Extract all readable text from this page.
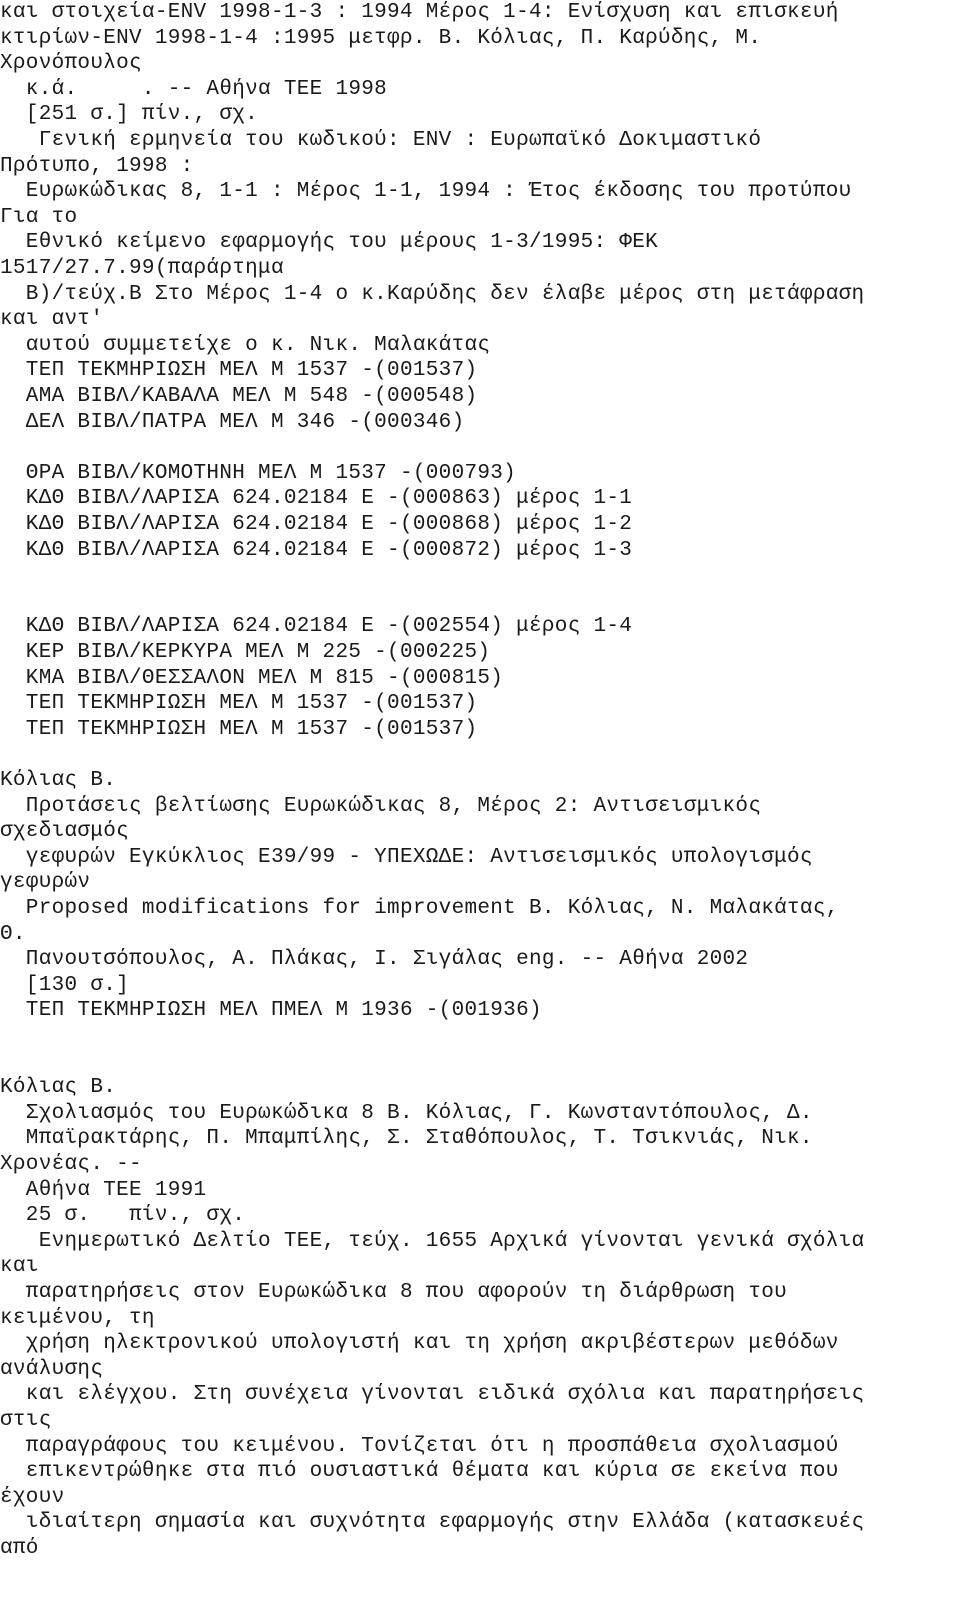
και στοιχεία-ENV 1998-1-3 : 1994 Μέρος 1-4: Ενίσχυση και επισκευή
κτιρίων-ENV 1998-1-4 :1995 μετφρ. Β. Κόλιας, Π. Καρύδης, Μ.
Χρονόπουλος
κ.ά.     . -- Αθήνα ΤΕΕ 1998
[251 σ.] πίν., σχ.
Γενική ερμηνεία του κωδικού: ENV : Ευρωπαϊκό Δοκιμαστικό
Πρότυπο, 1998 :
Ευρωκώδικας 8, 1-1 : Μέρος 1-1, 1994 : Έτος έκδοσης του προτύπου
Για το
Εθνικό κείμενο εφαρμογής του μέρους 1-3/1995: ΦΕΚ
1517/27.7.99(παράρτημα
Β)/τεύχ.Β Στο Μέρος 1-4 ο κ.Καρύδης δεν έλαβε μέρος στη μετάφραση
και αντ'
αυτού συμμετείχε ο κ. Νικ. Μαλακάτας
ΤΕΠ ΤΕΚΜΗΡΙΩΣΗ ΜΕΛ Μ 1537 -(001537)
ΑΜΑ ΒΙΒΛ/ΚΑΒΑΛΑ ΜΕΛ Μ 548 -(000548)
ΔΕΛ ΒΙΒΛ/ΠΑΤΡΑ ΜΕΛ Μ 346 -(000346)
ΘΡΑ ΒΙΒΛ/ΚΟΜΟΤΗΝΗ ΜΕΛ Μ 1537 -(000793)
ΚΔΘ ΒΙΒΛ/ΛΑΡΙΣΑ 624.02184 Ε -(000863) μέρος 1-1
ΚΔΘ ΒΙΒΛ/ΛΑΡΙΣΑ 624.02184 Ε -(000868) μέρος 1-2
ΚΔΘ ΒΙΒΛ/ΛΑΡΙΣΑ 624.02184 Ε -(000872) μέρος 1-3
ΚΔΘ ΒΙΒΛ/ΛΑΡΙΣΑ 624.02184 Ε -(002554) μέρος 1-4
ΚΕΡ ΒΙΒΛ/ΚΕΡΚΥΡΑ ΜΕΛ Μ 225 -(000225)
ΚΜΑ ΒΙΒΛ/ΘΕΣΣΑΛΟΝ ΜΕΛ Μ 815 -(000815)
ΤΕΠ ΤΕΚΜΗΡΙΩΣΗ ΜΕΛ Μ 1537 -(001537)
ΤΕΠ ΤΕΚΜΗΡΙΩΣΗ ΜΕΛ Μ 1537 -(001537)
Κόλιας Β.
Προτάσεις βελτίωσης Ευρωκώδικας 8, Μέρος 2: Αντισεισμικός
σχεδιασμός
γεφυρών Εγκύκλιος Ε39/99 - ΥΠΕΧΩΔΕ: Αντισεισμικός υπολογισμός
γεφυρών
Proposed modifications for improvement Β. Κόλιας, Ν. Μαλακάτας,
Θ.
Πανουτσόπουλος, Α. Πλάκας, Ι. Σιγάλας eng. -- Αθήνα 2002
[130 σ.]
ΤΕΠ ΤΕΚΜΗΡΙΩΣΗ ΜΕΛ ΠΜΕΛ Μ 1936 -(001936)
Κόλιας Β.
Σχολιασμός του Ευρωκώδικα 8 Β. Κόλιας, Γ. Κωνσταντόπουλος, Δ.
Μπαϊρακτάρης, Π. Μπαμπίλης, Σ. Σταθόπουλος, Τ. Τσικνιάς, Νικ.
Χρονέας. --
Αθήνα ΤΕΕ 1991
25 σ.   πίν., σχ.
Ενημερωτικό Δελτίο ΤΕΕ, τεύχ. 1655 Αρχικά γίνονται γενικά σχόλια
και
παρατηρήσεις στον Ευρωκώδικα 8 που αφορούν τη διάρθρωση του
κειμένου, τη
χρήση ηλεκτρονικού υπολογιστή και τη χρήση ακριβέστερων μεθόδων
ανάλυσης
και ελέγχου. Στη συνέχεια γίνονται ειδικά σχόλια και παρατηρήσεις
στις
παραγράφους του κειμένου. Τονίζεται ότι η προσπάθεια σχολιασμού
επικεντρώθηκε στα πιό ουσιαστικά θέματα και κύρια σε εκείνα που
έχουν
ιδιαίτερη σημασία και συχνότητα εφαρμογής στην Ελλάδα (κατασκευές
από
